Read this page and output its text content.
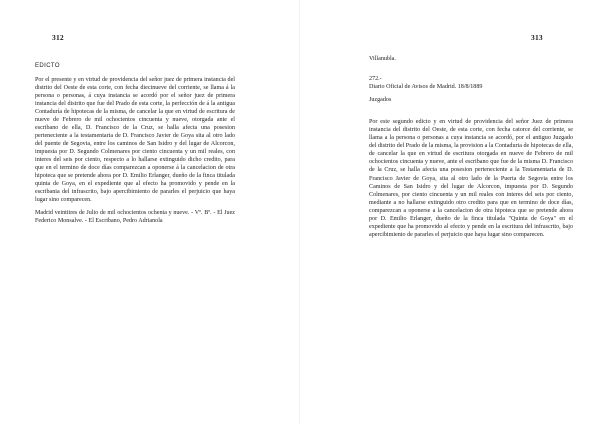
312
EDICTO

Por el presente y en virtud de providencia del señor juez de primera instancia del distrito del Oeste de esta corte, con fecha diecinueve del corriente, se llama á la persona o personas, á cuya instancia se acordó por el señor juez de primera instancia del distrito que fue del Prado de esta corte, la perfección de á la antigua Contaduría de hipotecas de la misma, de cancelar la que en virtud de escritura de nueve de Febrero de mil ochocientos cincuenta y nueve, otorgada ante el escribano de ella, D. Francisco de la Cruz, se halla afecta una posesion perteneciente a la testamentaria de D. Francisco Javier de Goya sita al otro lado del puente de Segovia, entre los caminos de San Isidro y del lugar de Alcorcon, impuesta por D. Segundo Colmenares por ciento cincuenta y un mil reales, con interes del seis por ciento, respecto a lo hallarse extinguido dicho credito, para que en el termino de doce días comparezcan a oponerse á la cancelacion de otra hipoteca que se pretende ahora por D. Emilio Erlanger, dueño de la finca titulada quinta de Goya, en el expediente que al efecto ha promovido y pende en la escribania del infrascrito, bajo apercibimiento de pararles el perjuicio que haya lugar sino comparecen.

Madrid veintitres de Julio de mil ochocientos ochenta y nueve. - Vº. Bº. - El Juez Federico Monsalve. - El Escribano, Pedro Adrianola

313

Villanubla.

272.-

Diario Oficial de Avisos de Madrid. 18/8/1889

Juzgados

Por este segundo edicto y en virtud de providencia del señor Juez de primera instancia del distrito del Oeste, de esta corte, con fecha catorce del corriente, se llama a la persona o personas a cuya instancia se acordó, por el antiguo Juzgado del distrito del Prado de la misma, la provision a la Contaduria de hipotecas de ella, de cancelar la que en virtud de escritura otorgada en nueve de Febrero de mil ochocientos cincuenta y nueve, ante el escribano que fue de la misma D. Francisco de la Cruz, se halla afecta una posesion perteneciente a la Testamentaria de D. Francisco Javier de Goya, sita al otro lado de la Puerta de Segovia entre los Caminos de San Isidro y del lugar de Alcorcon, impuesta por D. Segundo Colmenares, por ciento cincuenta y un mil reales con interes del seis por ciento, mediante a no hallarse extinguido otro credito para que en termino de doce días, comparezcan a oponerse a la cancelacion de otra hipoteca que se pretende ahora por D. Emilio Erlanger, dueño de la finca titulada "Quinta de Goya" en el expediente que ha promovido al efecto y pende en la escritura del infrascrito, bajo apercibimiento de pararles el perjuicio que haya lugar sino comparecen.
